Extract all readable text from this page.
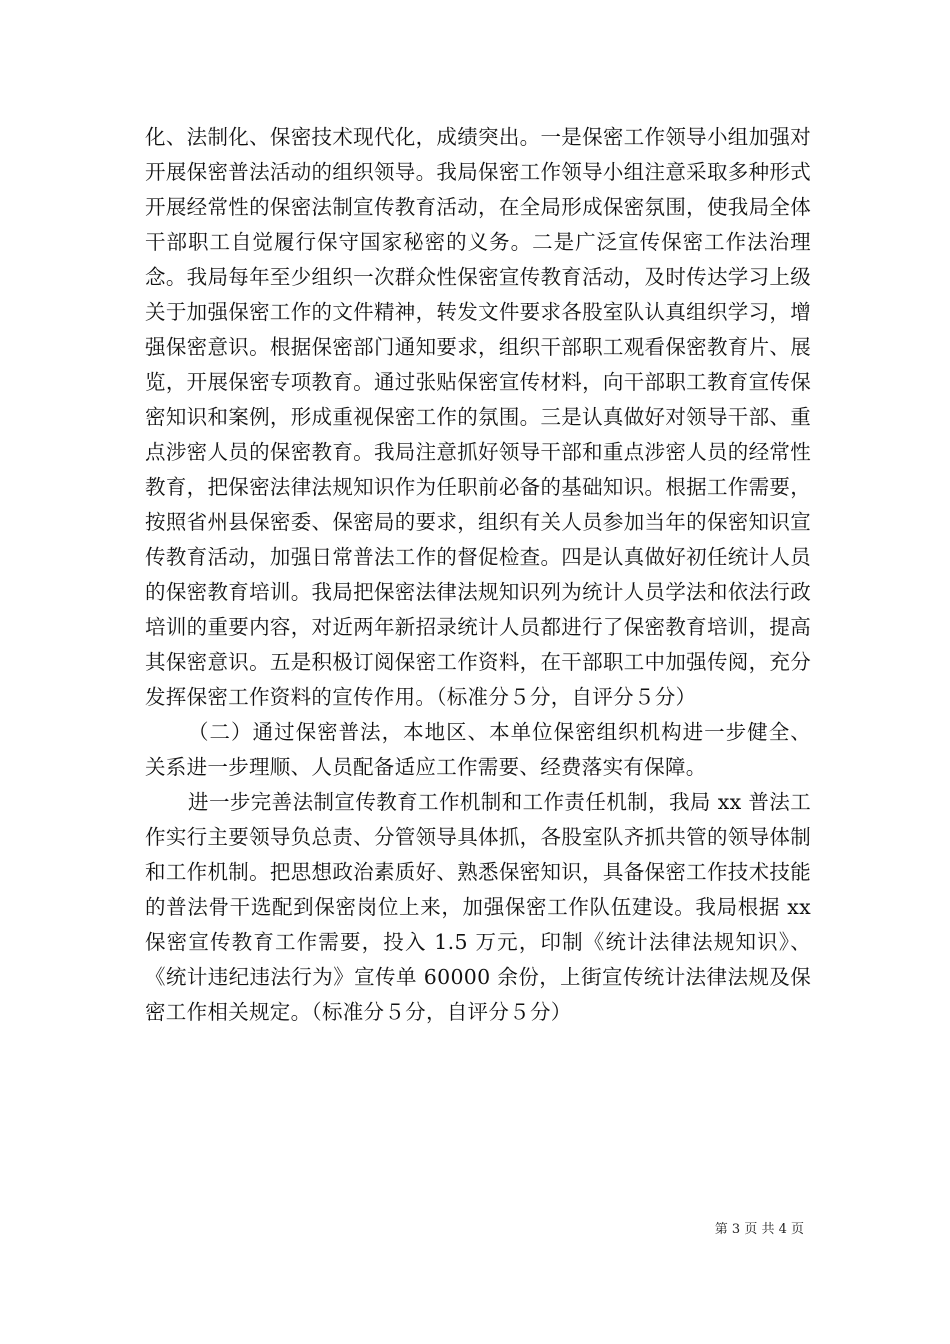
化、法制化、保密技术现代化，成绩突出。一是保密工作领导小组加强对开展保密普法活动的组织领导。我局保密工作领导小组注意采取多种形式开展经常性的保密法制宣传教育活动，在全局形成保密氛围，使我局全体干部职工自觉履行保守国家秘密的义务。二是广泛宣传保密工作法治理念。我局每年至少组织一次群众性保密宣传教育活动，及时传达学习上级关于加强保密工作的文件精神，转发文件要求各股室队认真组织学习，增强保密意识。根据保密部门通知要求，组织干部职工观看保密教育片、展览，开展保密专项教育。通过张贴保密宣传材料，向干部职工教育宣传保密知识和案例，形成重视保密工作的氛围。三是认真做好对领导干部、重点涉密人员的保密教育。我局注意抓好领导干部和重点涉密人员的经常性教育，把保密法律法规知识作为任职前必备的基础知识。根据工作需要，按照省州县保密委、保密局的要求，组织有关人员参加当年的保密知识宣传教育活动，加强日常普法工作的督促检查。四是认真做好初任统计人员的保密教育培训。我局把保密法律法规知识列为统计人员学法和依法行政培训的重要内容，对近两年新招录统计人员都进行了保密教育培训，提高其保密意识。五是积极订阅保密工作资料，在干部职工中加强传阅，充分发挥保密工作资料的宣传作用。（标准分５分，自评分５分）

（二）通过保密普法，本地区、本单位保密组织机构进一步健全、关系进一步理顺、人员配备适应工作需要、经费落实有保障。

进一步完善法制宣传教育工作机制和工作责任机制，我局 xx 普法工作实行主要领导负总责、分管领导具体抓，各股室队齐抓共管的领导体制和工作机制。把思想政治素质好、熟悉保密知识，具备保密工作技术技能的普法骨干选配到保密岗位上来，加强保密工作队伍建设。我局根据 xx 保密宣传教育工作需要，投入 1.5 万元，印制《统计法律法规知识》、《统计违纪违法行为》宣传单 60000 余份，上街宣传统计法律法规及保密工作相关规定。（标准分５分，自评分５分）

第 3 页 共 4 页
